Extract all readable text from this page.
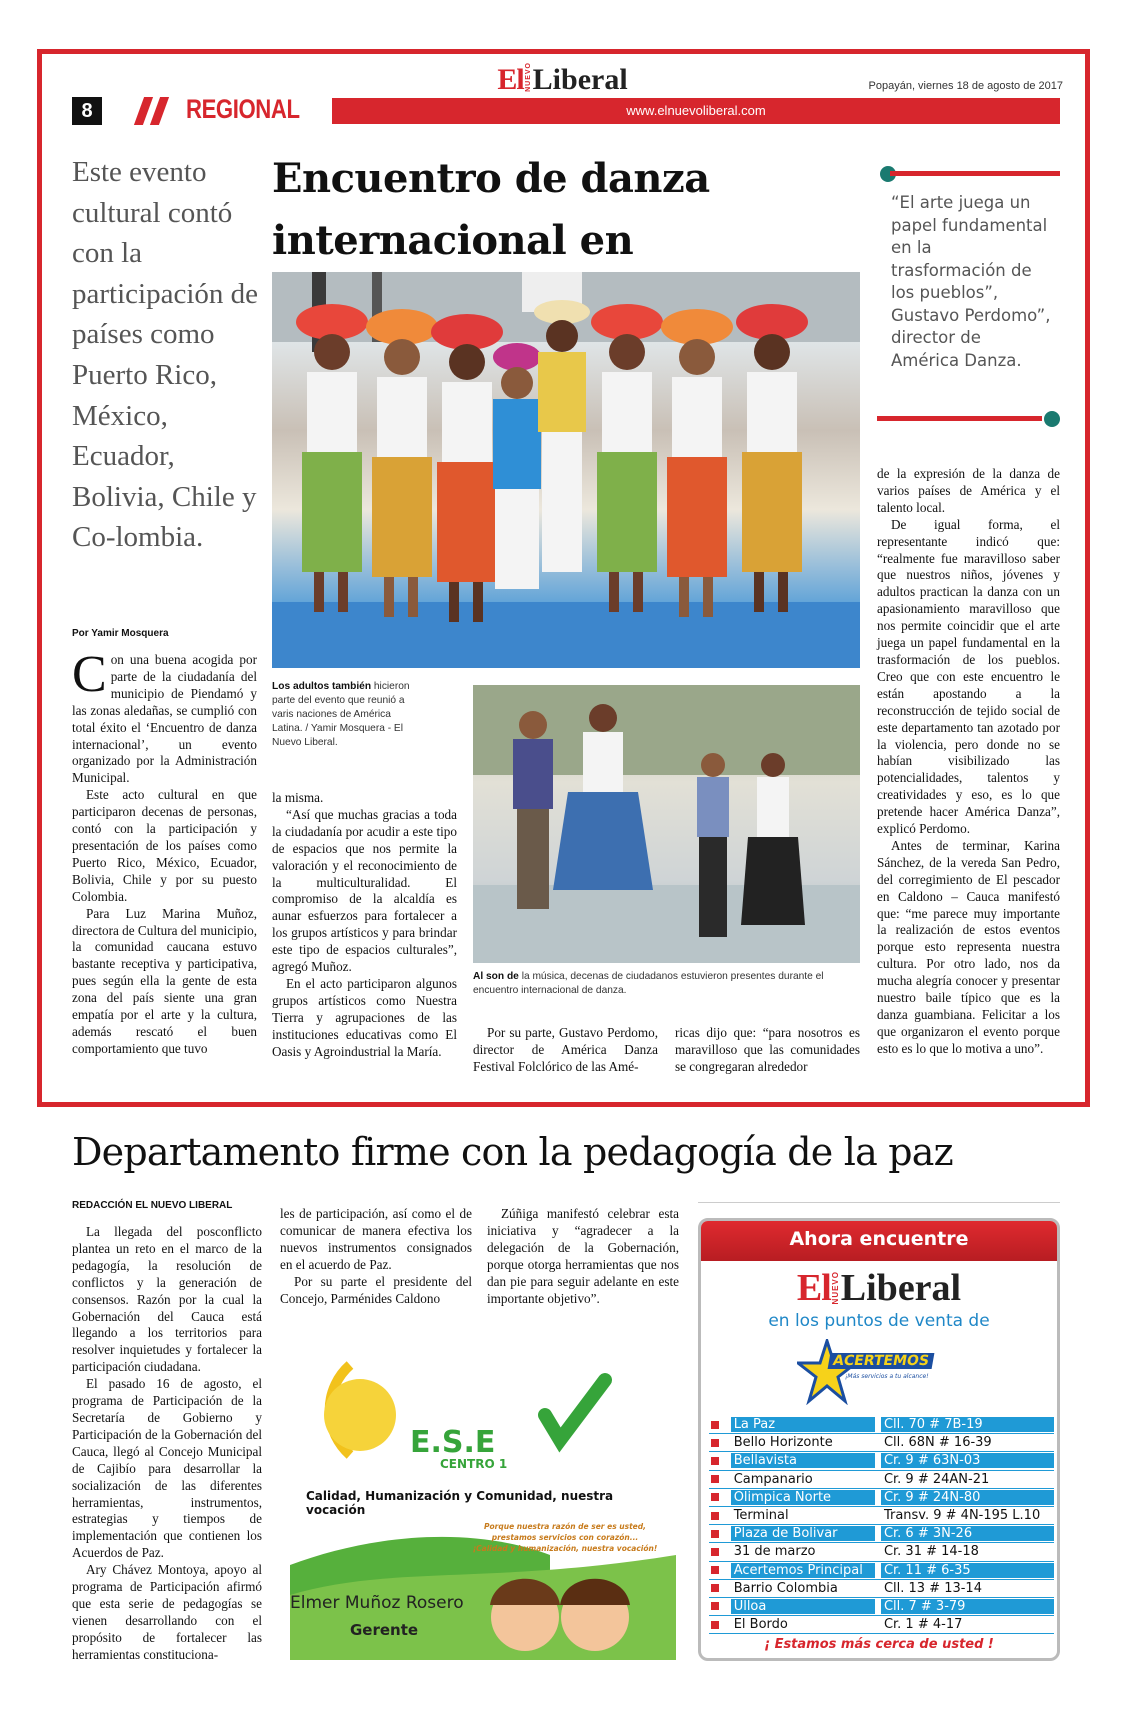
El NUEVO Liberal	Popayán, viernes 18 de agosto de 2017
www.elnuevoliberal.com
8	REGIONAL
Este evento cultural contó con la participación de países como Puerto Rico, México, Ecuador, Bolivia, Chile y Co-lombia.
Encuentro de danza
internacional en
Los adultos también hicieron parte del evento que reunió a varis naciones de América Latina. / Yamir Mosquera - El Nuevo Liberal.
Al son de la música, decenas de ciudadanos estuvieron presentes durante el encuentro internacional de danza.
Por Yamir Mosquera

Con una buena acogida por parte de la ciudadanía del municipio de Piendamó y las zonas aledañas, se cumplió con total éxito el ‘Encuentro de danza internacional’, un evento organizado por la Administración Municipal.

Este acto cultural en que participaron decenas de personas, contó con la participación y presentación de los países como Puerto Rico, México, Ecuador, Bolivia, Chile y por su puesto Colombia.

Para Luz Marina Muñoz, directora de Cultura del municipio, la comunidad caucana estuvo bastante receptiva y participativa, pues según ella la gente de esta zona del país siente una gran empatía por el arte y la cultura, además rescató el buen comportamiento que tuvo

la misma.

“Así que muchas gracias a toda la ciudadanía por acudir a este tipo de espacios que nos permite la valoración y el reconocimiento de la multiculturalidad. El compromiso de la alcaldía es aunar esfuerzos para fortalecer a los grupos artísticos y para brindar este tipo de espacios culturales”, agregó Muñoz.

En el acto participaron algunos grupos artísticos como Nuestra Tierra y agrupaciones de las instituciones educativas como El Oasis y Agroindustrial la María.

Por su parte, Gustavo Perdomo, director de América Danza Festival Folclórico de las Amé-

ricas dijo que: “para nosotros es maravilloso que las comunidades se congregaran alrededor

“El arte juega un papel fundamental en la trasformación de los pueblos”, Gustavo Perdomo”, director de América Danza.

de la expresión de la danza de varios países de América y el talento local.

De igual forma, el representante indicó que: “realmente fue maravilloso saber que nuestros niños, jóvenes y adultos practican la danza con un apasionamiento maravilloso que nos permite coincidir que el arte juega un papel fundamental en la trasformación de los pueblos. Creo que con este encuentro le están apostando a la reconstrucción de tejido social de este departamento tan azotado por la violencia, pero donde no se habían visibilizado las potencialidades, talentos y creatividades y eso, es lo que pretende hacer América Danza”, explicó Perdomo.

Antes de terminar, Karina Sánchez, de la vereda San Pedro, del corregimiento de El pescador en Caldono – Cauca manifestó que: “me parece muy importante la realización de estos eventos porque esto representa nuestra cultura. Por otro lado, nos da mucha alegría conocer y presentar nuestro baile típico que es la danza guambiana. Felicitar a los que organizaron el evento porque esto es lo que lo motiva a uno”.

Departamento firme con la pedagogía de la paz
REDACCIÓN EL NUEVO LIBERAL

La llegada del posconflicto plantea un reto en el marco de la pedagogía, la resolución de conflictos y la generación de consensos. Razón por la cual la Gobernación del Cauca está llegando a los territorios para resolver inquietudes y fortalecer la participación ciudadana.

El pasado 16 de agosto, el programa de Participación de la Secretaría de Gobierno y Participación de la Gobernación del Cauca, llegó al Concejo Municipal de Cajibío para desarrollar la socialización de las diferentes herramientas, instrumentos, estrategias y tiempos de implementación que contienen los Acuerdos de Paz.

Ary Chávez Montoya, apoyo al programa de Participación afirmó que esta serie de pedagogías se vienen desarrollando con el propósito de fortalecer las herramientas constituciona-

les de participación, así como el de comunicar de manera efectiva los nuevos instrumentos consignados en el acuerdo de Paz.

Por su parte el presidente del Concejo, Parménides Caldono

Zúñiga manifestó celebrar esta iniciativa y “agradecer a la delegación de la Gobernación, porque otorga herramientas que nos dan pie para seguir adelante en este importante objetivo”.

E.S.E
CENTRO 1
Calidad, Humanización y Comunidad, nuestra vocación
Porque nuestra razón de ser es usted,
prestamos servicios con corazón...
¡Calidad y humanización, nuestra vocación!
Elmer Muñoz Rosero
Gerente
Ahora encuentre
El NUEVO Liberal
en los puntos de venta de
ACERTEMOS
¡Más servicios a tu alcance!
La Paz	Cll. 70 # 7B-19
Bello Horizonte	Cll. 68N # 16-39
Bellavista	Cr. 9 # 63N-03
Campanario	Cr. 9 # 24AN-21
Olimpica Norte	Cr. 9 # 24N-80
Terminal	Transv. 9 # 4N-195 L.10
Plaza de Bolivar	Cr. 6 # 3N-26
31 de marzo	Cr. 31 # 14-18
Acertemos Principal	Cr. 11 # 6-35
Barrio Colombia	Cll. 13 # 13-14
Ulloa	Cll. 7 # 3-79
El Bordo	Cr. 1 # 4-17
¡ Estamos más cerca de usted !
